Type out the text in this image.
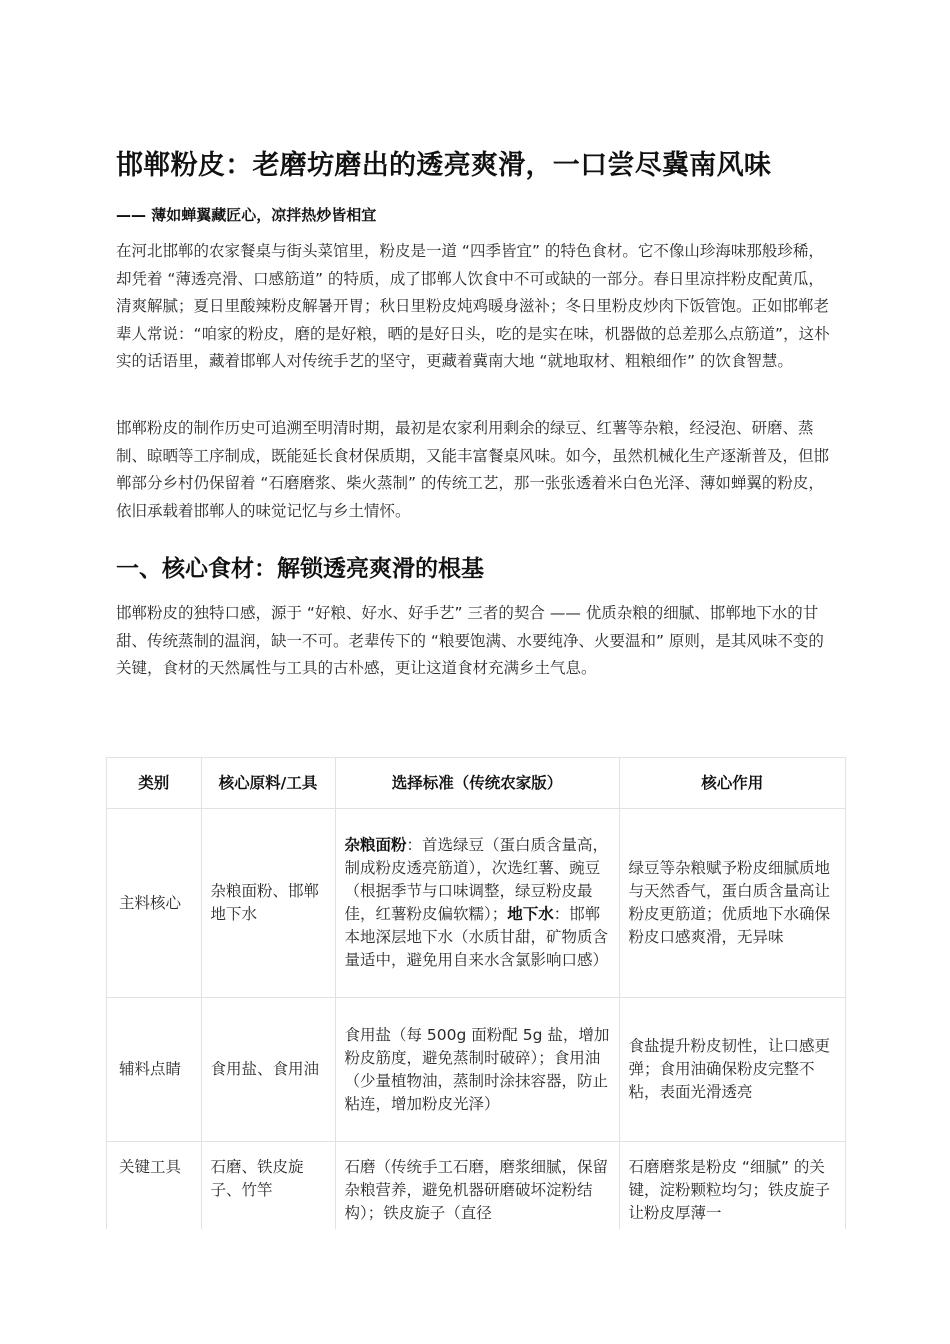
邯郸粉皮：老磨坊磨出的透亮爽滑，一口尝尽冀南风味

—— 薄如蝉翼藏匠心，凉拌热炒皆相宜

在河北邯郸的农家餐桌与街头菜馆里，粉皮是一道 “四季皆宜” 的特色食材。它不像山珍海味那般珍稀，却凭着 “薄透亮滑、口感筋道” 的特质，成了邯郸人饮食中不可或缺的一部分。春日里凉拌粉皮配黄瓜，清爽解腻；夏日里酸辣粉皮解暑开胃；秋日里粉皮炖鸡暖身滋补；冬日里粉皮炒肉下饭管饱。正如邯郸老辈人常说：“咱家的粉皮，磨的是好粮，晒的是好日头，吃的是实在味，机器做的总差那么点筋道”，这朴实的话语里，藏着邯郸人对传统手艺的坚守，更藏着冀南大地 “就地取材、粗粮细作” 的饮食智慧。

邯郸粉皮的制作历史可追溯至明清时期，最初是农家利用剩余的绿豆、红薯等杂粮，经浸泡、研磨、蒸制、晾晒等工序制成，既能延长食材保质期，又能丰富餐桌风味。如今，虽然机械化生产逐渐普及，但邯郸部分乡村仍保留着 “石磨磨浆、柴火蒸制” 的传统工艺，那一张张透着米白色光泽、薄如蝉翼的粉皮，依旧承载着邯郸人的味觉记忆与乡土情怀。

一、核心食材：解锁透亮爽滑的根基

邯郸粉皮的独特口感，源于 “好粮、好水、好手艺” 三者的契合 —— 优质杂粮的细腻、邯郸地下水的甘甜、传统蒸制的温润，缺一不可。老辈传下的 “粮要饱满、水要纯净、火要温和” 原则，是其风味不变的关键，食材的天然属性与工具的古朴感，更让这道食材充满乡土气息。

类别	核心原料/工具	选择标准（传统农家版）	核心作用
主料核心	杂粮面粉、邯郸地下水	杂粮面粉：首选绿豆（蛋白质含量高，制成粉皮透亮筋道），次选红薯、豌豆（根据季节与口味调整，绿豆粉皮最佳，红薯粉皮偏软糯）；地下水：邯郸本地深层地下水（水质甘甜，矿物质含量适中，避免用自来水含氯影响口感）	绿豆等杂粮赋予粉皮细腻质地与天然香气，蛋白质含量高让粉皮更筋道；优质地下水确保粉皮口感爽滑，无异味
辅料点睛	食用盐、食用油	食用盐（每 500g 面粉配 5g 盐，增加粉皮筋度，避免蒸制时破碎）；食用油（少量植物油，蒸制时涂抹容器，防止粘连，增加粉皮光泽）	食盐提升粉皮韧性，让口感更弹；食用油确保粉皮完整不粘，表面光滑透亮
关键工具	石磨、铁皮旋子、竹竿	石磨（传统手工石磨，磨浆细腻，保留杂粮营养，避免机器研磨破坏淀粉结构）；铁皮旋子（直径	石磨磨浆是粉皮 “细腻” 的关键，淀粉颗粒均匀；铁皮旋子让粉皮厚薄一
